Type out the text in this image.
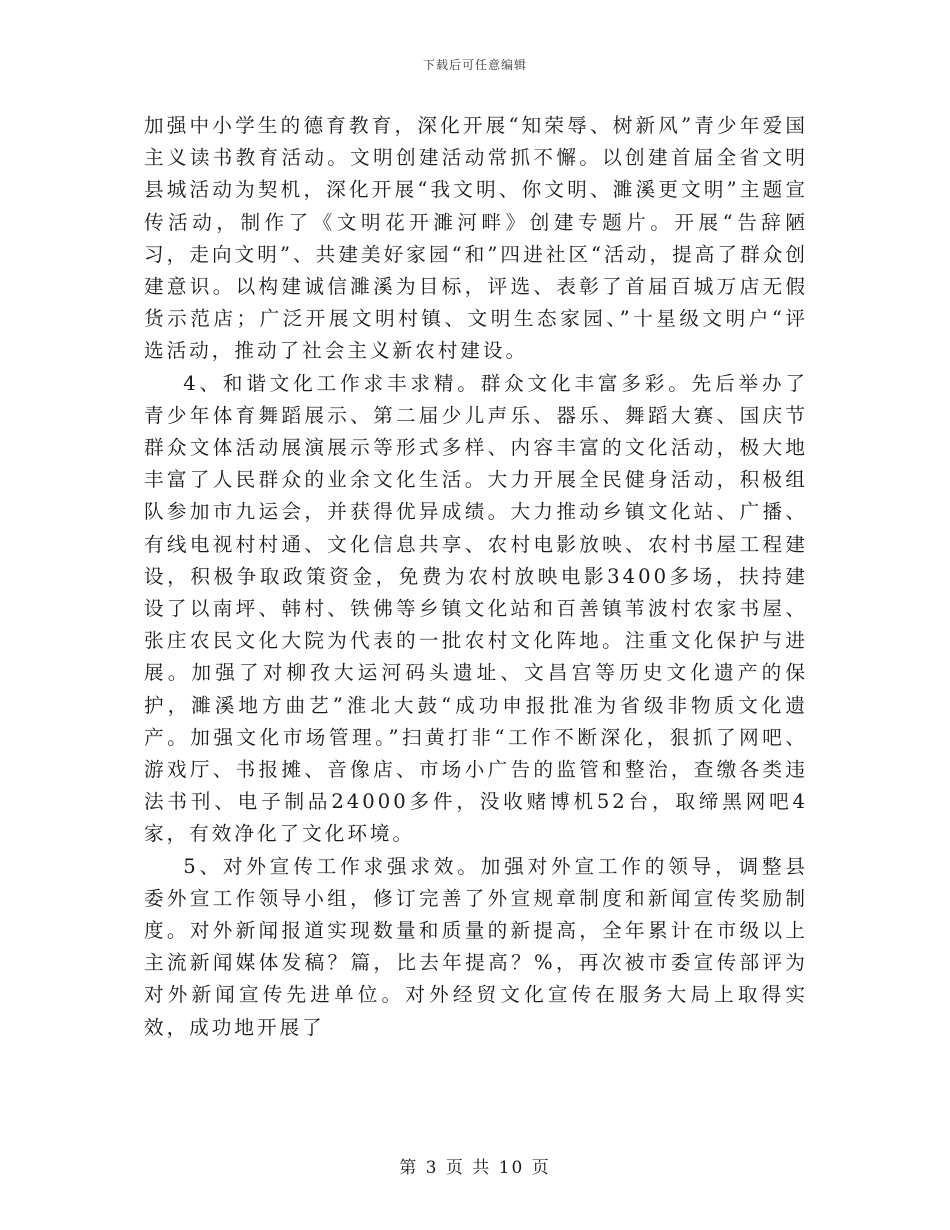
下载后可任意编辑

加强中小学生的德育教育，深化开展“知荣辱、树新风”青少年爱国主义读书教育活动。文明创建活动常抓不懈。以创建首届全省文明县城活动为契机，深化开展“我文明、你文明、濉溪更文明”主题宣传活动，制作了《文明花开濉河畔》创建专题片。开展“告辞陋习，走向文明”、共建美好家园“和”四进社区“活动，提高了群众创建意识。以构建诚信濉溪为目标，评选、表彰了首届百城万店无假货示范店；广泛开展文明村镇、文明生态家园、”十星级文明户“评选活动，推动了社会主义新农村建设。

4、和谐文化工作求丰求精。群众文化丰富多彩。先后举办了青少年体育舞蹈展示、第二届少儿声乐、器乐、舞蹈大赛、国庆节群众文体活动展演展示等形式多样、内容丰富的文化活动，极大地丰富了人民群众的业余文化生活。大力开展全民健身活动，积极组队参加市九运会，并获得优异成绩。大力推动乡镇文化站、广播、有线电视村村通、文化信息共享、农村电影放映、农村书屋工程建设，积极争取政策资金，免费为农村放映电影3400多场，扶持建设了以南坪、韩村、铁佛等乡镇文化站和百善镇苇波村农家书屋、张庄农民文化大院为代表的一批农村文化阵地。注重文化保护与进展。加强了对柳孜大运河码头遗址、文昌宫等历史文化遗产的保护，濉溪地方曲艺”淮北大鼓“成功申报批准为省级非物质文化遗产。加强文化市场管理。”扫黄打非“工作不断深化，狠抓了网吧、游戏厅、书报摊、音像店、市场小广告的监管和整治，查缴各类违法书刊、电子制品24000多件，没收赌博机52台，取缔黑网吧4家，有效净化了文化环境。

5、对外宣传工作求强求效。加强对外宣工作的领导，调整县委外宣工作领导小组，修订完善了外宣规章制度和新闻宣传奖励制度。对外新闻报道实现数量和质量的新提高，全年累计在市级以上主流新闻媒体发稿？篇，比去年提高？%，再次被市委宣传部评为对外新闻宣传先进单位。对外经贸文化宣传在服务大局上取得实效，成功地开展了

第 3 页 共 10 页
